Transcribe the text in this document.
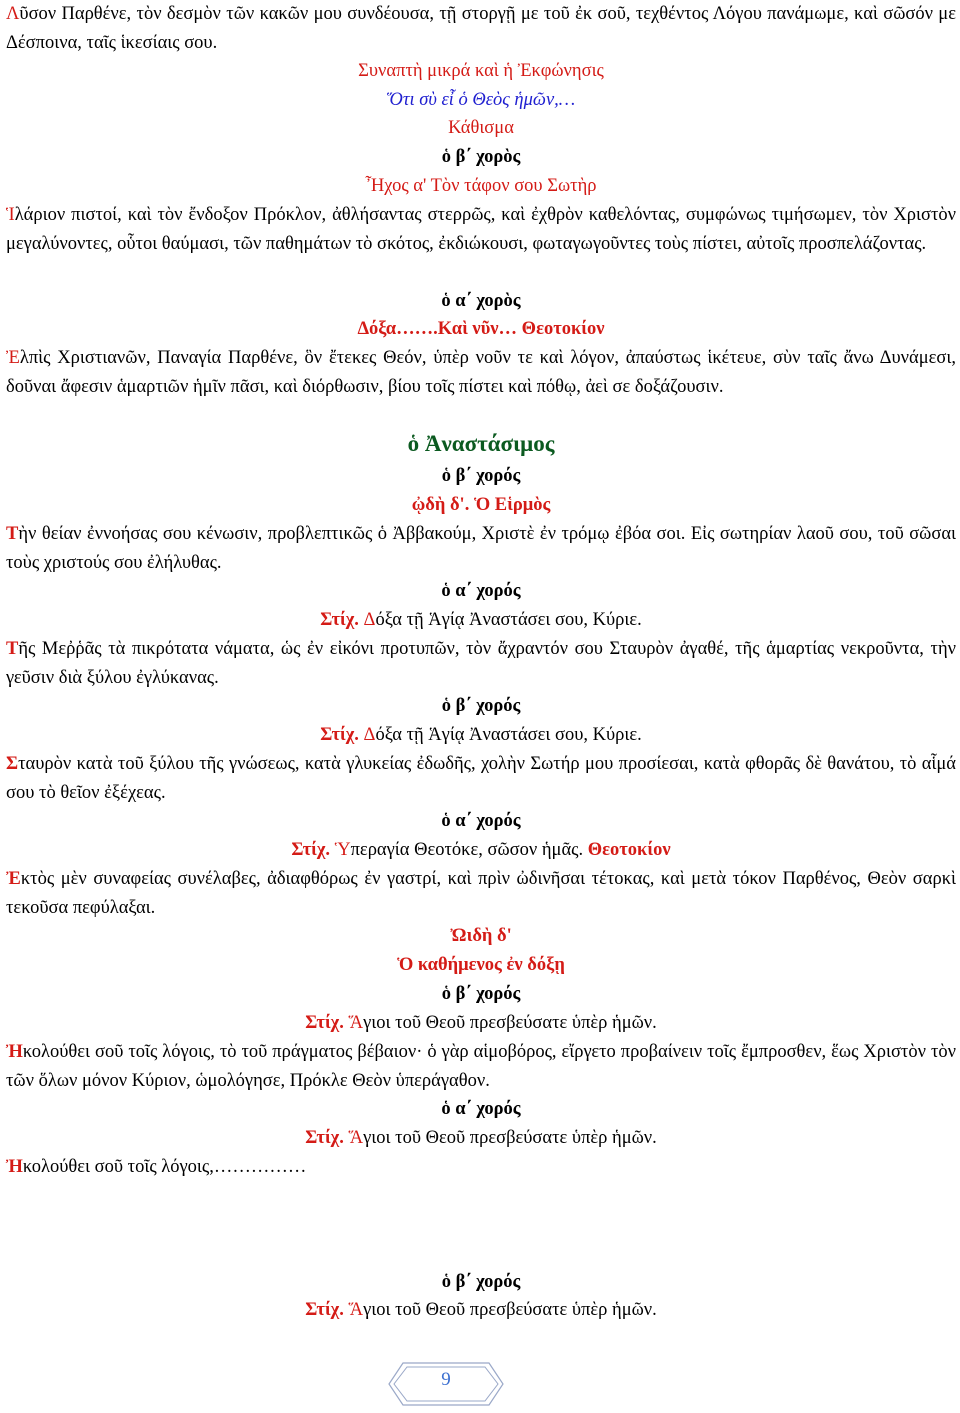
Λῦσον Παρθένε, τὸν δεσμὸν τῶν κακῶν μου συνδέουσα, τῇ στοργῇ με τοῦ ἐκ σοῦ, τεχθέντος Λόγου πανάμωμε, καὶ σῶσόν με Δέσποινα, ταῖς ἱκεσίαις σου.

Συναπτὴ μικρά καὶ ἡ Ἐκφώνησις

Ὅτι σὺ εἶ ὁ Θεὸς ἡμῶν,…

Κάθισμα

ὁ β΄ χορὸς

Ἦχος α' Τὸν τάφον σου Σωτὴρ

Ἱλάριον πιστοί, καὶ τὸν ἔνδοξον Πρόκλον, ἀθλήσαντας στερρῶς, καὶ ἐχθρὸν καθελόντας, συμφώνως τιμήσωμεν, τὸν Χριστὸν μεγαλύνοντες, οὗτοι θαύμασι, τῶν παθημάτων τὸ σκότος, ἐκδιώκουσι, φωταγωγοῦντες τοὺς πίστει, αὐτοῖς προσπελάζοντας.

ὁ α΄ χορὸς

Δόξα…….Καὶ νῦν… Θεοτοκίον

Ἐλπὶς Χριστιανῶν, Παναγία Παρθένε, ὃν ἔτεκες Θεόν, ὑπὲρ νοῦν τε καὶ λόγον, ἀπαύστως ἱκέτευε, σὺν ταῖς ἄνω Δυνάμεσι, δοῦναι ἄφεσιν ἁμαρτιῶν ἡμῖν πᾶσι, καὶ διόρθωσιν, βίου τοῖς πίστει καὶ πόθῳ, ἀεὶ σε δοξάζουσιν.

ὁ Ἀναστάσιμος

ὁ β΄ χορός

ᾠδὴ δ'. Ὁ Εἱρμὸς

Τὴν θείαν ἐννοήσας σου κένωσιν, προβλεπτικῶς ὁ Ἀββακούμ, Χριστὲ ἐν τρόμῳ ἐβόα σοι. Εἰς σωτηρίαν λαοῦ σου, τοῦ σῶσαι τοὺς χριστούς σου ἐλήλυθας.

ὁ α΄ χορός

Στίχ. Δόξα τῇ Ἁγίᾳ Ἀναστάσει σου, Κύριε.

Τῆς Μεῤῥᾶς τὰ πικρότατα νάματα, ὡς ἐν εἰκόνι προτυπῶν, τὸν ἄχραντόν σου Σταυρὸν ἀγαθέ, τῆς ἁμαρτίας νεκροῦντα, τὴν γεῦσιν διὰ ξύλου ἐγλύκανας.

ὁ β΄ χορός

Στίχ. Δόξα τῇ Ἁγίᾳ Ἀναστάσει σου, Κύριε.

Σταυρὸν κατὰ τοῦ ξύλου τῆς γνώσεως, κατὰ γλυκείας ἐδωδῆς, χολὴν Σωτήρ μου προσίεσαι, κατὰ φθορᾶς δὲ θανάτου, τὸ αἷμά σου τὸ θεῖον ἐξέχεας.

ὁ α΄ χορός

Στίχ. Ὑπεραγία Θεοτόκε, σῶσον ἡμᾶς. Θεοτοκίον

Ἐκτὸς μὲν συναφείας συνέλαβες, ἀδιαφθόρως ἐν γαστρί, καὶ πρὶν ὠδινῆσαι τέτοκας, καὶ μετὰ τόκον Παρθένος, Θεὸν σαρκὶ τεκοῦσα πεφύλαξαι.

Ὠιδὴ δ'

Ὁ καθήμενος ἐν δόξῃ

ὁ β΄ χορός

Στίχ. Ἅγιοι τοῦ Θεοῦ πρεσβεύσατε ὑπὲρ ἡμῶν.

Ἠκολούθει σοῦ τοῖς λόγοις, τὸ τοῦ πράγματος βέβαιον· ὁ γὰρ αἱμοβόρος, εἴργετο προβαίνειν τοῖς ἔμπροσθεν, ἕως Χριστὸν τὸν τῶν ὅλων μόνον Κύριον, ὡμολόγησε, Πρόκλε Θεὸν ὑπεράγαθον.

ὁ α΄ χορός

Στίχ. Ἅγιοι τοῦ Θεοῦ πρεσβεύσατε ὑπὲρ ἡμῶν.

Ἠκολούθει σοῦ τοῖς λόγοις,……………

ὁ β΄ χορός

Στίχ. Ἅγιοι τοῦ Θεοῦ πρεσβεύσατε ὑπὲρ ἡμῶν.

9
